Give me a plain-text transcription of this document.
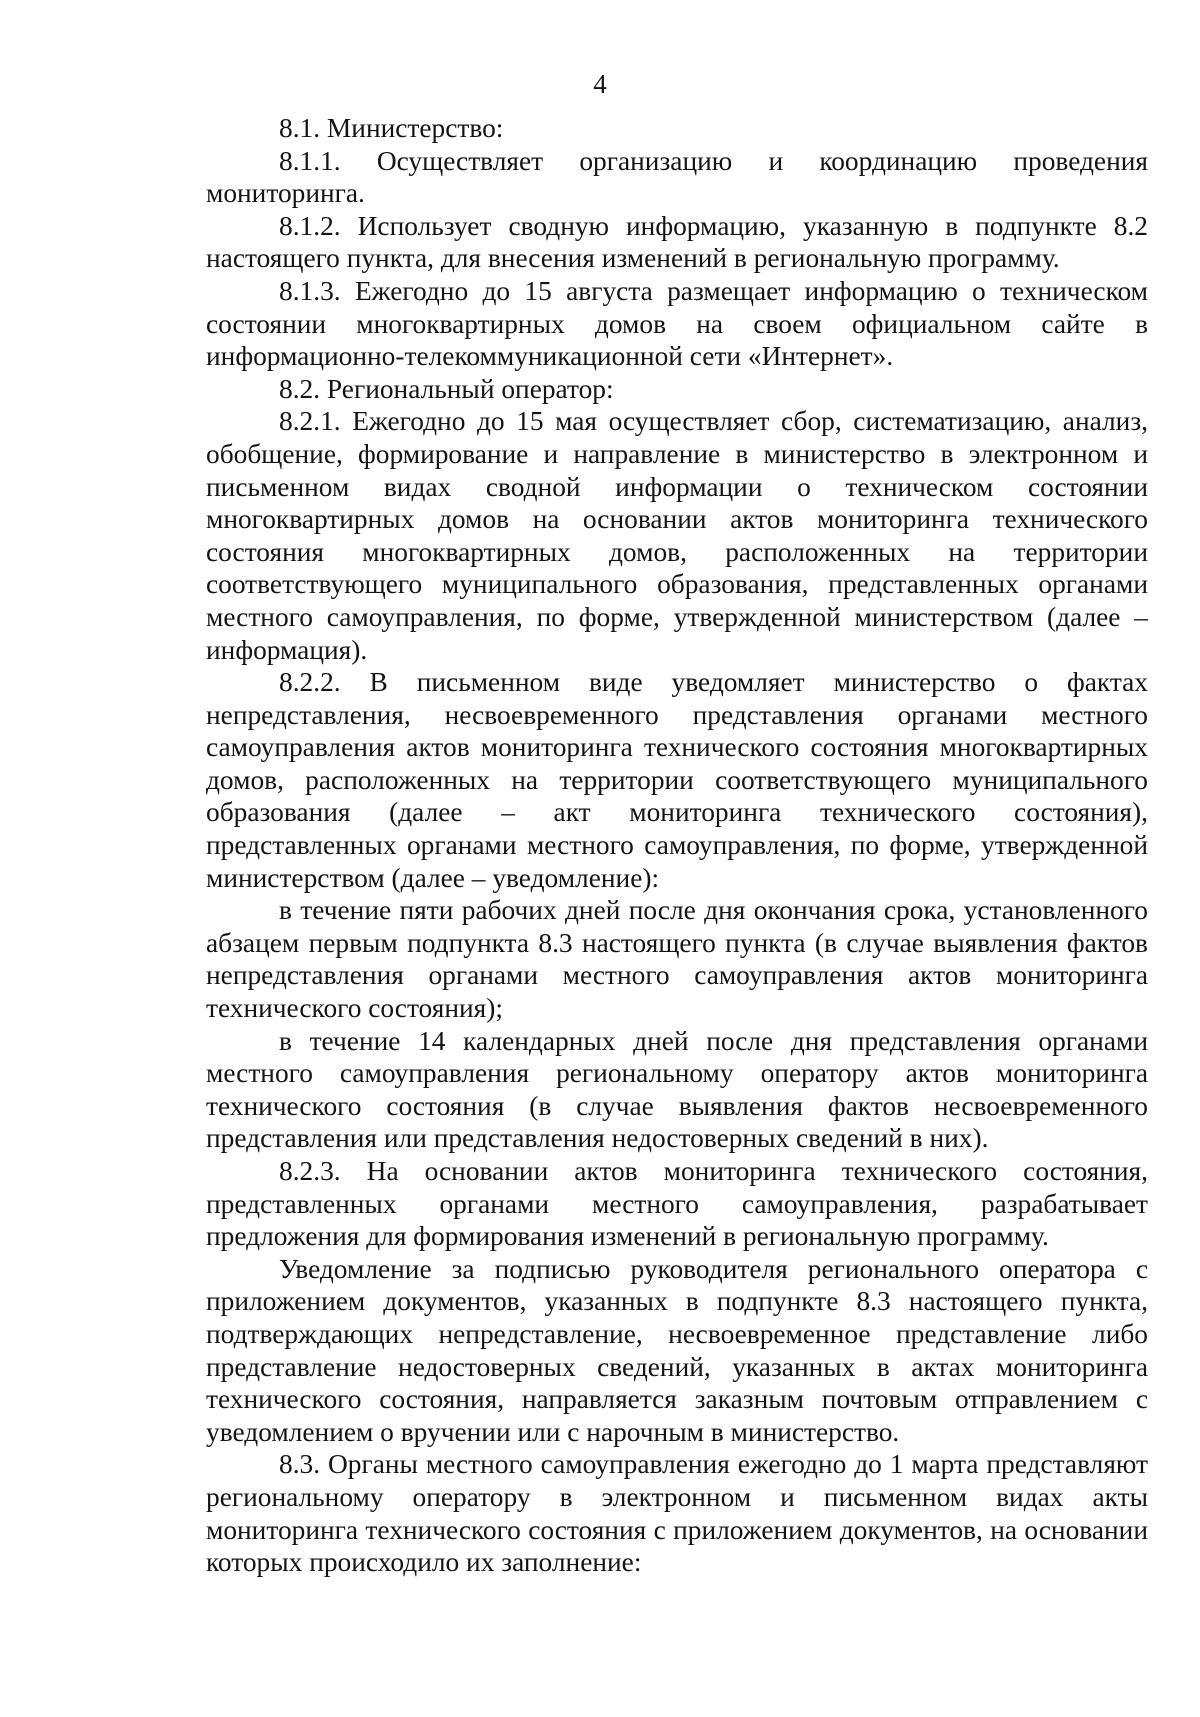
4

8.1. Министерство:

8.1.1. Осуществляет организацию и координацию проведения мониторинга.

8.1.2. Использует сводную информацию, указанную в подпункте 8.2 настоящего пункта, для внесения изменений в региональную программу.

8.1.3. Ежегодно до 15 августа размещает информацию о техническом состоянии многоквартирных домов на своем официальном сайте в информационно-телекоммуникационной сети «Интернет».

8.2. Региональный оператор:

8.2.1. Ежегодно до 15 мая осуществляет сбор, систематизацию, анализ, обобщение, формирование и направление в министерство в электронном и письменном видах сводной информации о техническом состоянии многоквартирных домов на основании актов мониторинга технического состояния многоквартирных домов, расположенных на территории соответствующего муниципального образования, представленных органами местного самоуправления, по форме, утвержденной министерством (далее – информация).

8.2.2. В письменном виде уведомляет министерство о фактах непредставления, несвоевременного представления органами местного самоуправления актов мониторинга технического состояния многоквартирных домов, расположенных на территории соответствующего муниципального образования (далее – акт мониторинга технического состояния), представленных органами местного самоуправления, по форме, утвержденной министерством (далее – уведомление):

в течение пяти рабочих дней после дня окончания срока, установленного абзацем первым подпункта 8.3 настоящего пункта (в случае выявления фактов непредставления органами местного самоуправления актов мониторинга технического состояния);

в течение 14 календарных дней после дня представления органами местного самоуправления региональному оператору актов мониторинга технического состояния (в случае выявления фактов несвоевременного представления или представления недостоверных сведений в них).

8.2.3. На основании актов мониторинга технического состояния, представленных органами местного самоуправления, разрабатывает предложения для формирования изменений в региональную программу.

Уведомление за подписью руководителя регионального оператора с приложением документов, указанных в подпункте 8.3 настоящего пункта, подтверждающих непредставление, несвоевременное представление либо представление недостоверных сведений, указанных в актах мониторинга технического состояния, направляется заказным почтовым отправлением с уведомлением о вручении или с нарочным в министерство.

8.3. Органы местного самоуправления ежегодно до 1 марта представляют региональному оператору в электронном и письменном видах акты мониторинга технического состояния с приложением документов, на основании которых происходило их заполнение:
